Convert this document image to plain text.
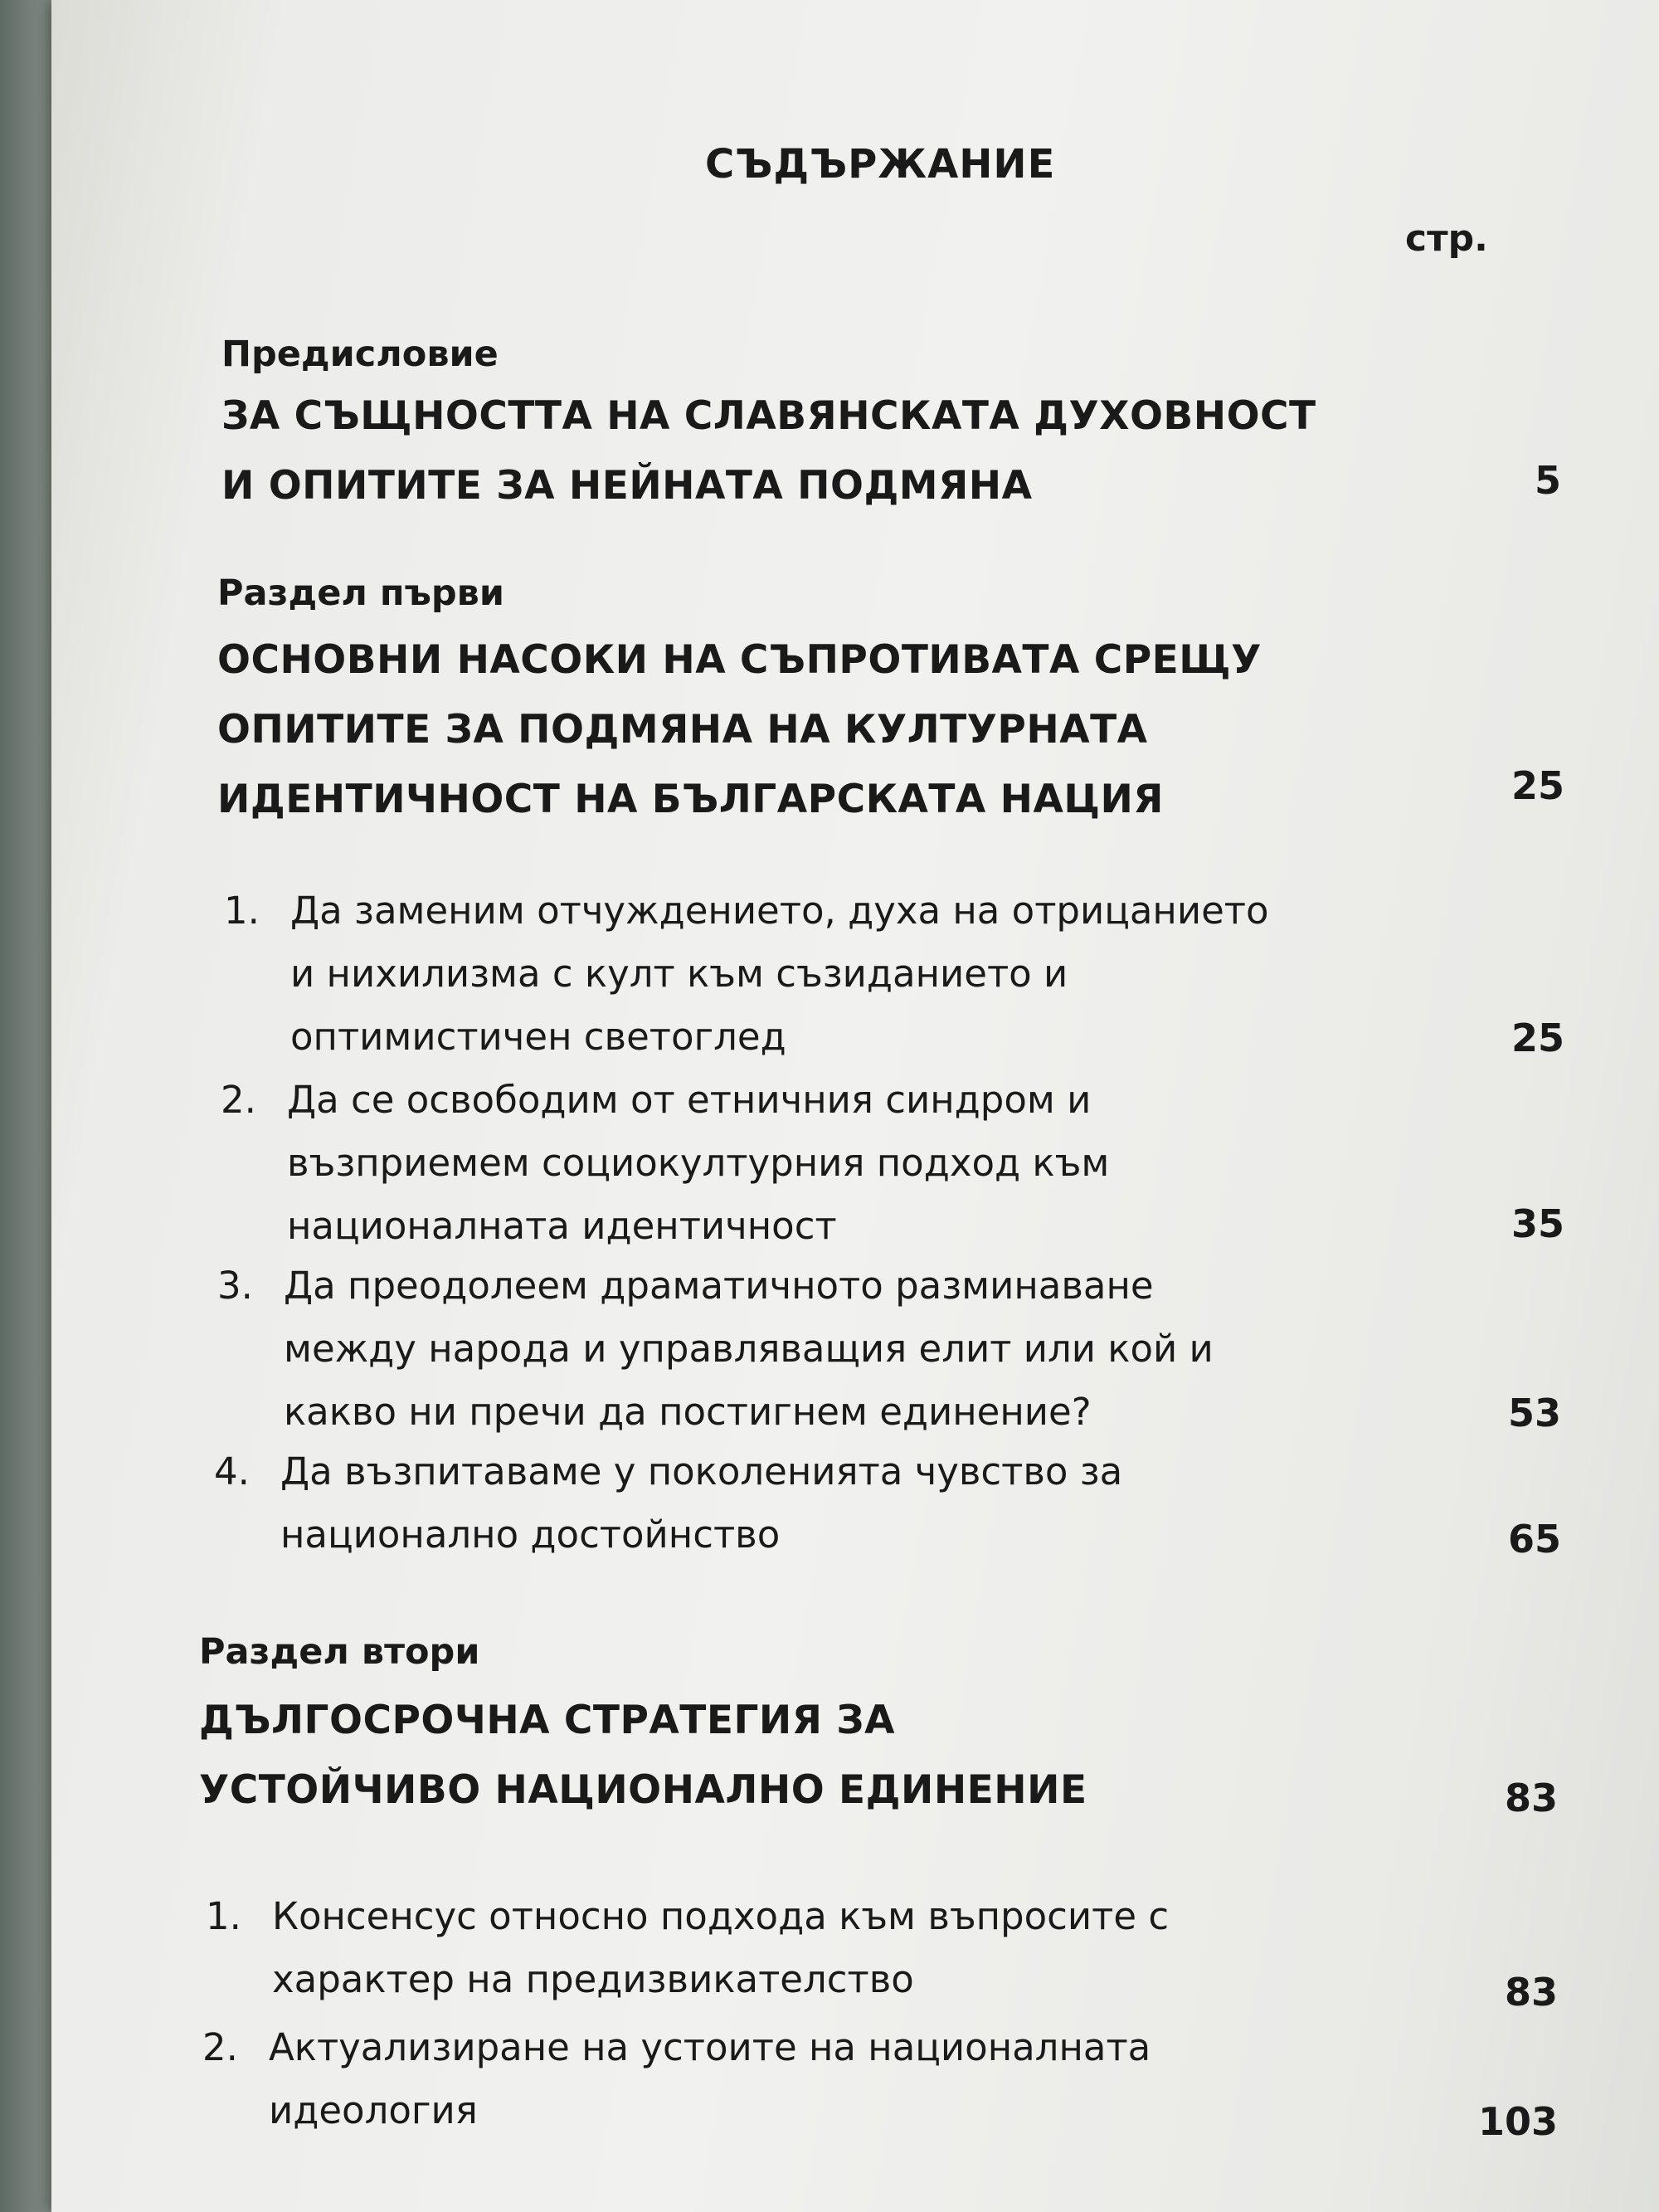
СЪДЪРЖАНИЕ
стр.
Предисловие
ЗА СЪЩНОСТТА НА СЛАВЯНСКАТА ДУХОВНОСТ
И ОПИТИТЕ ЗА НЕЙНАТА ПОДМЯНА	5
Раздел първи
ОСНОВНИ НАСОКИ НА СЪПРОТИВАТА СРЕЩУ
ОПИТИТЕ ЗА ПОДМЯНА НА КУЛТУРНАТА
ИДЕНТИЧНОСТ НА БЪЛГАРСКАТА НАЦИЯ	25
1. Да заменим отчуждението, духа на отрицанието
и нихилизма с култ към съзиданието и
оптимистичен светоглед	25
2. Да се освободим от етничния синдром и
възприемем социокултурния подход към
националната идентичност	35
3. Да преодолеем драматичното разминаване
между народа и управляващия елит или кой и
какво ни пречи да постигнем единение?	53
4. Да възпитаваме у поколенията чувство за
национално достойнство	65
Раздел втори
ДЪЛГОСРОЧНА СТРАТЕГИЯ ЗА
УСТОЙЧИВО НАЦИОНАЛНО ЕДИНЕНИЕ	83
1. Консенсус относно подхода към въпросите с
характер на предизвикателство	83
2. Актуализиране на устоите на националната
идеология	103
